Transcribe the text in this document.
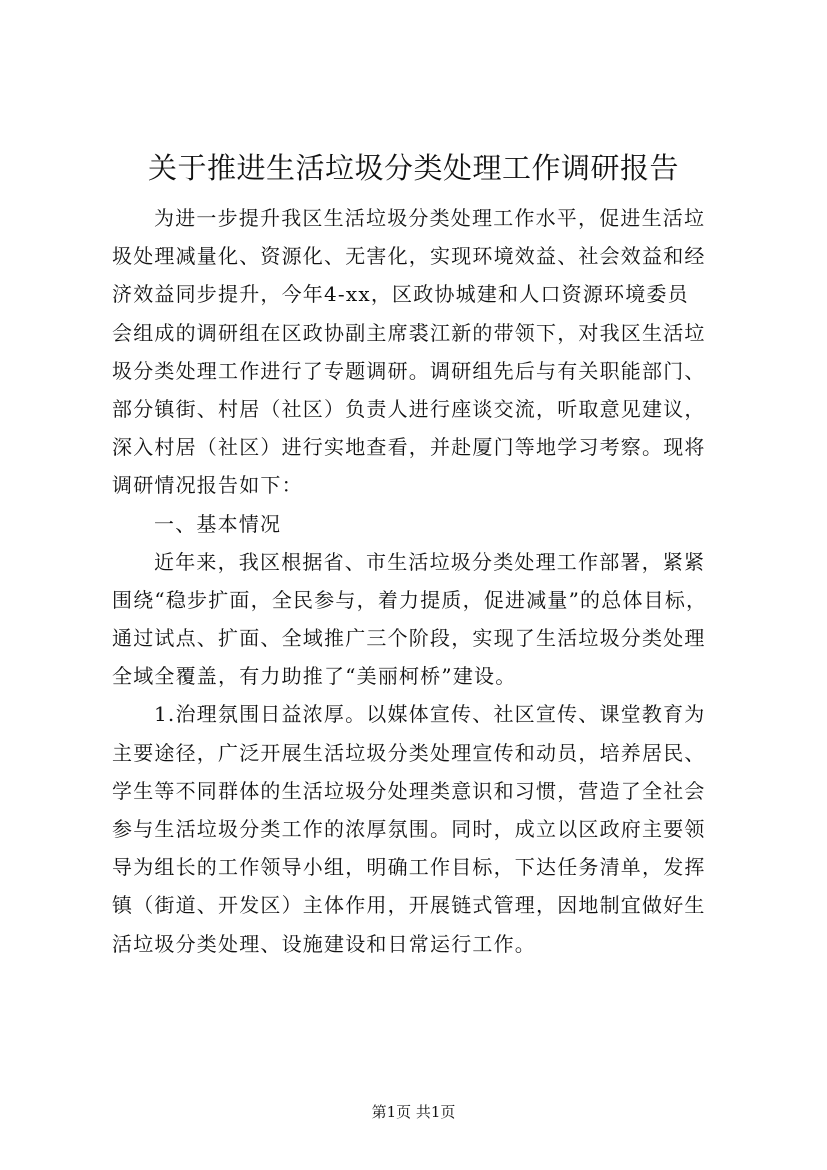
关于推进生活垃圾分类处理工作调研报告
为进一步提升我区生活垃圾分类处理工作水平，促进生活垃
圾处理减量化、资源化、无害化，实现环境效益、社会效益和经
济效益同步提升，今年4-xx，区政协城建和人口资源环境委员
会组成的调研组在区政协副主席裘江新的带领下，对我区生活垃
圾分类处理工作进行了专题调研。调研组先后与有关职能部门、
部分镇街、村居（社区）负责人进行座谈交流，听取意见建议，
深入村居（社区）进行实地查看，并赴厦门等地学习考察。现将
调研情况报告如下：
一、基本情况
近年来，我区根据省、市生活垃圾分类处理工作部署，紧紧
围绕“稳步扩面，全民参与，着力提质，促进减量”的总体目标，
通过试点、扩面、全域推广三个阶段，实现了生活垃圾分类处理
全域全覆盖，有力助推了“美丽柯桥”建设。
1.治理氛围日益浓厚。以媒体宣传、社区宣传、课堂教育为
主要途径，广泛开展生活垃圾分类处理宣传和动员，培养居民、
学生等不同群体的生活垃圾分处理类意识和习惯，营造了全社会
参与生活垃圾分类工作的浓厚氛围。同时，成立以区政府主要领
导为组长的工作领导小组，明确工作目标，下达任务清单，发挥
镇（街道、开发区）主体作用，开展链式管理，因地制宜做好生
活垃圾分类处理、设施建设和日常运行工作。
第1页 共1页
